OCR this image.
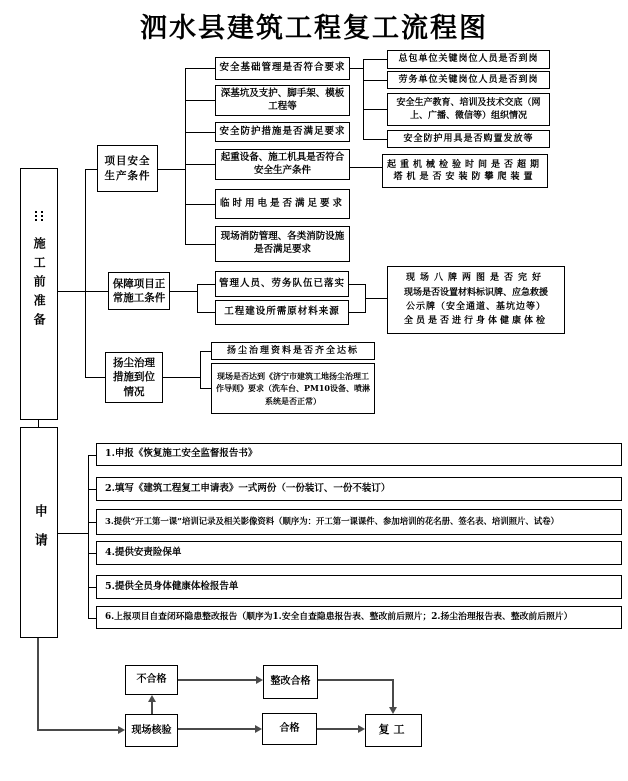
泗水县建筑工程复工流程图
施工前准备
申请
项目安全生产条件
保障项目正常施工条件
扬尘治理措施到位情况
安全基础管理是否符合要求
深基坑及支护、脚手架、模板工程等
安全防护措施是否满足要求
起重设备、施工机具是否符合安全生产条件
临时用电是否满足要求
现场消防管理、各类消防设施是否满足要求
总包单位关键岗位人员是否到岗
劳务单位关键岗位人员是否到岗
安全生产教育、培训及技术交底（网上、广播、微信等）组织情况
安全防护用具是否购置发放等
起重机械检验时间是否超期
塔机是否安装防攀爬装置
管理人员、劳务队伍已落实
工程建设所需原材料来源
现场八牌两图是否完好
现场是否设置材料标识牌、应急救援
公示牌（安全通道、基坑边等）
全员是否进行身体健康体检
扬尘治理资料是否齐全达标
现场是否达到《济宁市建筑工地扬尘治理工作导则》要求（洗车台、PM10设备、喷淋系统是否正常）
1.申报《恢复施工安全监督报告书》
2.填写《建筑工程复工申请表》一式两份（一份装订、一份不装订）
3.提供“开工第一课”培训记录及相关影像资料（顺序为：开工第一课课件、参加培训的花名册、签名表、培训照片、试卷）
4.提供安责险保单
5.提供全员身体健康体检报告单
6.上报项目自查闭环隐患整改报告（顺序为1.安全自查隐患报告表、整改前后照片；2.扬尘治理报告表、整改前后照片）
不合格	整改合格
现场核验	合格	复工
